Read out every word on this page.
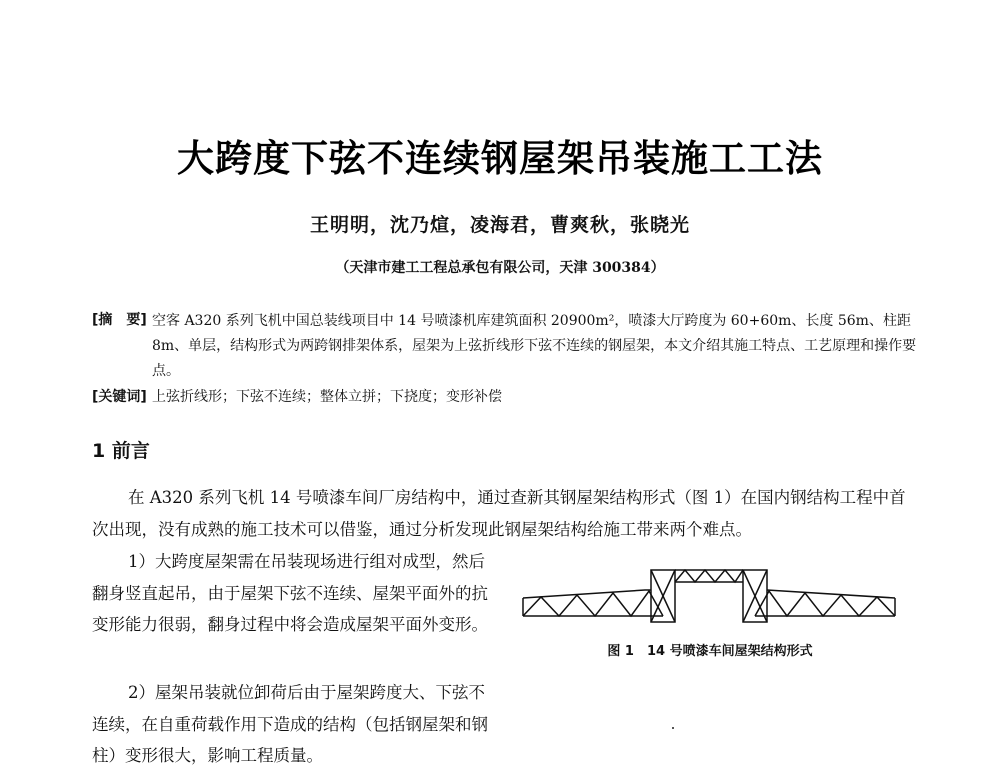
大跨度下弦不连续钢屋架吊装施工工法
王明明，沈乃煊，凌海君，曹爽秋，张晓光
（天津市建工工程总承包有限公司，天津 300384）
[摘　要] 空客 A320 系列飞机中国总装线项目中 14 号喷漆机库建筑面积 20900m²，喷漆大厅跨度为 60+60m、长度 56m、柱距 8m、单层，结构形式为两跨钢排架体系，屋架为上弦折线形下弦不连续的钢屋架，本文介绍其施工特点、工艺原理和操作要点。
[关键词] 上弦折线形；下弦不连续；整体立拼；下挠度；变形补偿
1 前言
在 A320 系列飞机 14 号喷漆车间厂房结构中，通过查新其钢屋架结构形式（图 1）在国内钢结构工程中首次出现，没有成熟的施工技术可以借鉴，通过分析发现此钢屋架结构给施工带来两个难点。
1）大跨度屋架需在吊装现场进行组对成型，然后翻身竖直起吊，由于屋架下弦不连续、屋架平面外的抗变形能力很弱，翻身过程中将会造成屋架平面外变形。
2）屋架吊装就位卸荷后由于屋架跨度大、下弦不连续，在自重荷载作用下造成的结构（包括钢屋架和钢柱）变形很大，影响工程质量。
图 1　14 号喷漆车间屋架结构形式
